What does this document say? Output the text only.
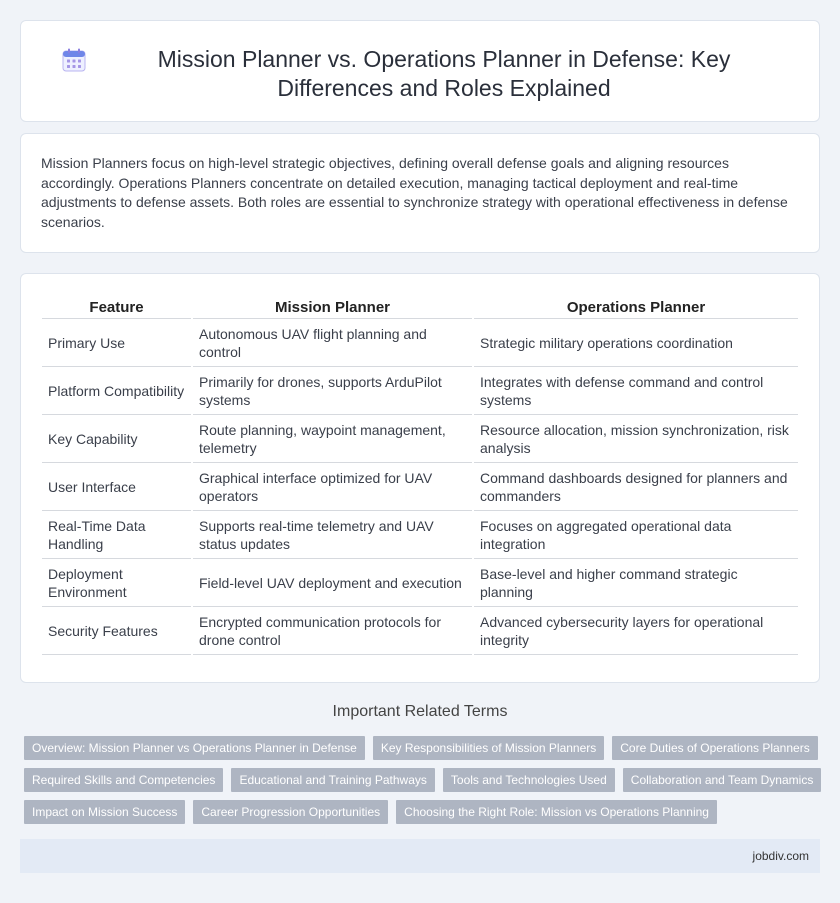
Mission Planner vs. Operations Planner in Defense: Key Differences and Roles Explained

Mission Planners focus on high-level strategic objectives, defining overall defense goals and aligning resources accordingly. Operations Planners concentrate on detailed execution, managing tactical deployment and real-time adjustments to defense assets. Both roles are essential to synchronize strategy with operational effectiveness in defense scenarios.

Feature	Mission Planner	Operations Planner
Primary Use	Autonomous UAV flight planning and control	Strategic military operations coordination
Platform Compatibility	Primarily for drones, supports ArduPilot systems	Integrates with defense command and control systems
Key Capability	Route planning, waypoint management, telemetry	Resource allocation, mission synchronization, risk analysis
User Interface	Graphical interface optimized for UAV operators	Command dashboards designed for planners and commanders
Real-Time Data Handling	Supports real-time telemetry and UAV status updates	Focuses on aggregated operational data integration
Deployment Environment	Field-level UAV deployment and execution	Base-level and higher command strategic planning
Security Features	Encrypted communication protocols for drone control	Advanced cybersecurity layers for operational integrity
Important Related Terms
Overview: Mission Planner vs Operations Planner in Defense	Key Responsibilities of Mission Planners	Core Duties of Operations Planners
Required Skills and Competencies	Educational and Training Pathways	Tools and Technologies Used	Collaboration and Team Dynamics
Impact on Mission Success	Career Progression Opportunities	Choosing the Right Role: Mission vs Operations Planning
jobdiv.com
